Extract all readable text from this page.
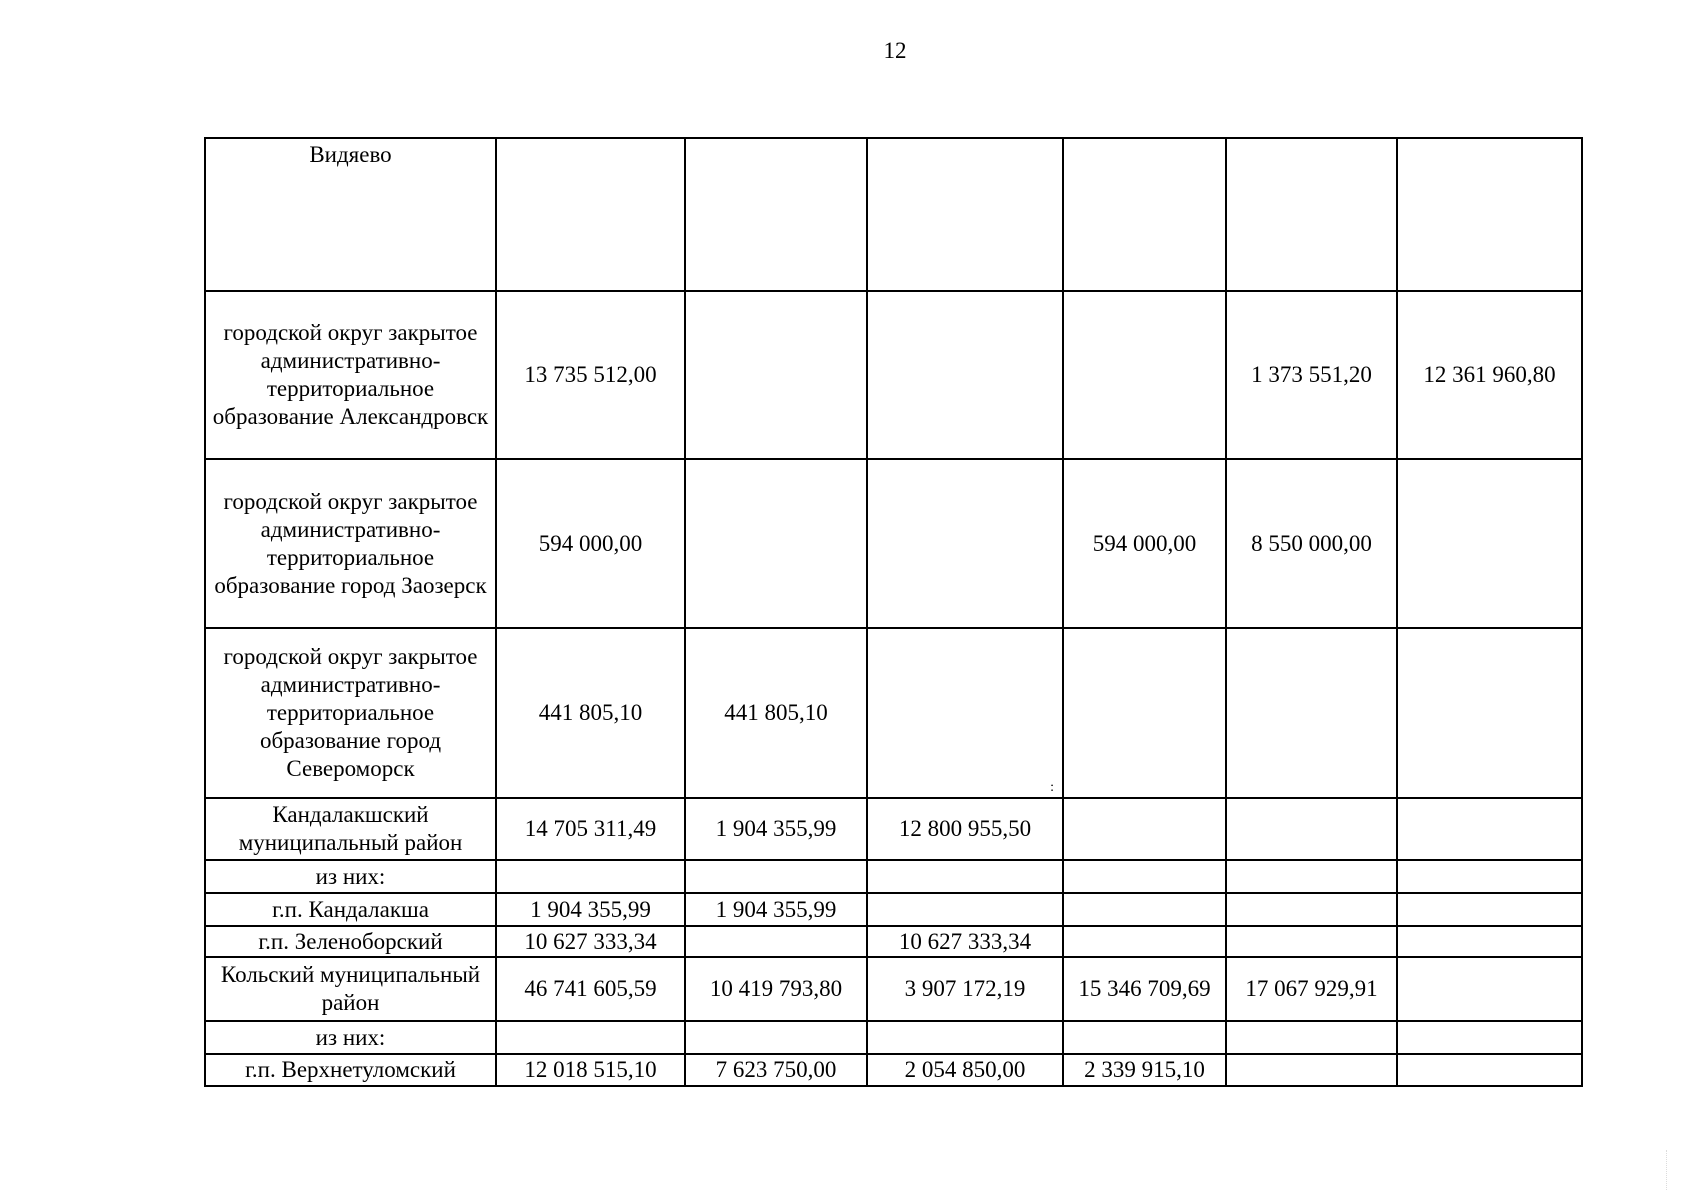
12
Видяево						
городской округ закрытое административно-территориальное образование Александровск	13 735 512,00				1 373 551,20	12 361 960,80
городской округ закрытое административно-территориальное образование город Заозерск	594 000,00			594 000,00	8 550 000,00	
городской округ закрытое административно-территориальное образование город Североморск	441 805,10	441 805,10	:			
Кандалакшский муниципальный район	14 705 311,49	1 904 355,99	12 800 955,50			
из них:						
г.п. Кандалакша	1 904 355,99	1 904 355,99				
г.п. Зеленоборский	10 627 333,34		10 627 333,34			
Кольский муниципальный район	46 741 605,59	10 419 793,80	3 907 172,19	15 346 709,69	17 067 929,91	
из них:						
г.п. Верхнетуломский	12 018 515,10	7 623 750,00	2 054 850,00	2 339 915,10		
